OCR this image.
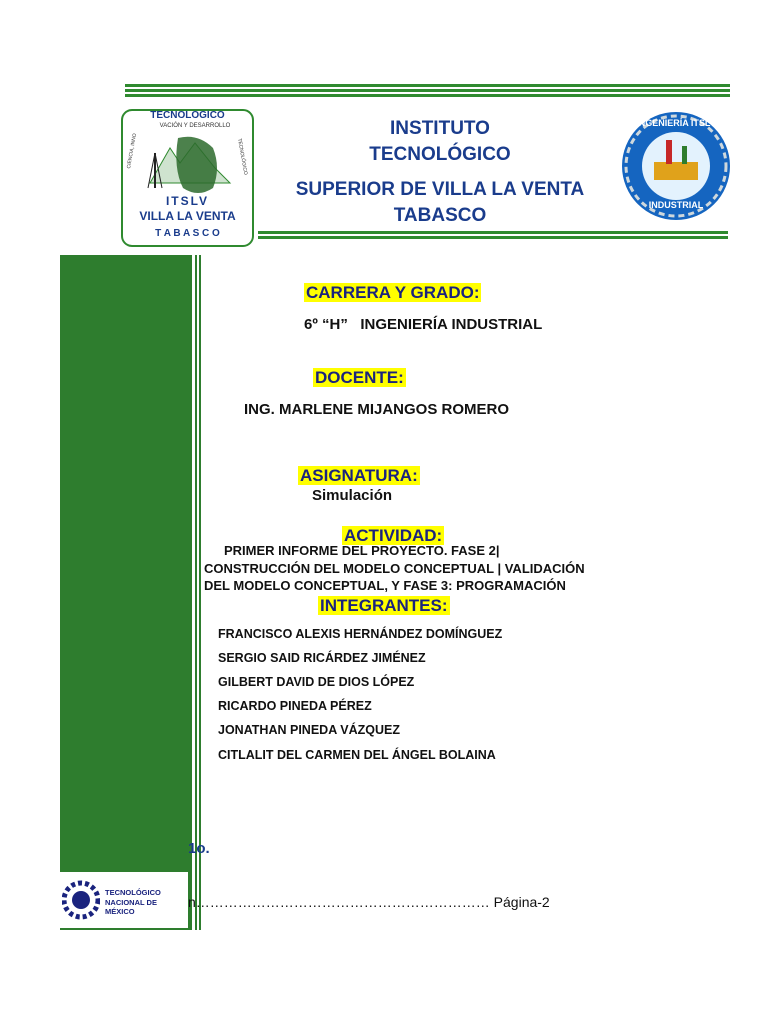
TECNOLOGICO
VACIÓN Y DESARROLLO
CIENCIA, INNO	TECNOLÓGICO
ITSLV
VILLA LA VENTA
T A B A S C O
INSTITUTO
TECNOLÓGICO
SUPERIOR DE VILLA LA VENTA
TABASCO
INGENIERÍA ITSLV
INDUSTRIAL
CARRERA Y GRADO:
6º “H”   INGENIERÍA INDUSTRIAL
DOCENTE:
ING. MARLENE MIJANGOS ROMERO
ASIGNATURA:
Simulación
ACTIVIDAD:
PRIMER INFORME DEL PROYECTO. FASE 2|
CONSTRUCCIÓN DEL MODELO CONCEPTUAL | VALIDACIÓN
DEL MODELO CONCEPTUAL, Y FASE 3: PROGRAMACIÓN
INTEGRANTES:
FRANCISCO ALEXIS HERNÁNDEZ DOMÍNGUEZ
SERGIO SAID RICÁRDEZ JIMÉNEZ
GILBERT DAVID DE DIOS LÓPEZ
RICARDO PINEDA PÉREZ
JONATHAN PINEDA VÁZQUEZ
CITLALIT DEL CARMEN DEL ÁNGEL BOLAINA
1o.
TECNOLÓGICO
NACIONAL DE MÉXICO
n……………………………………………………… Página-2
